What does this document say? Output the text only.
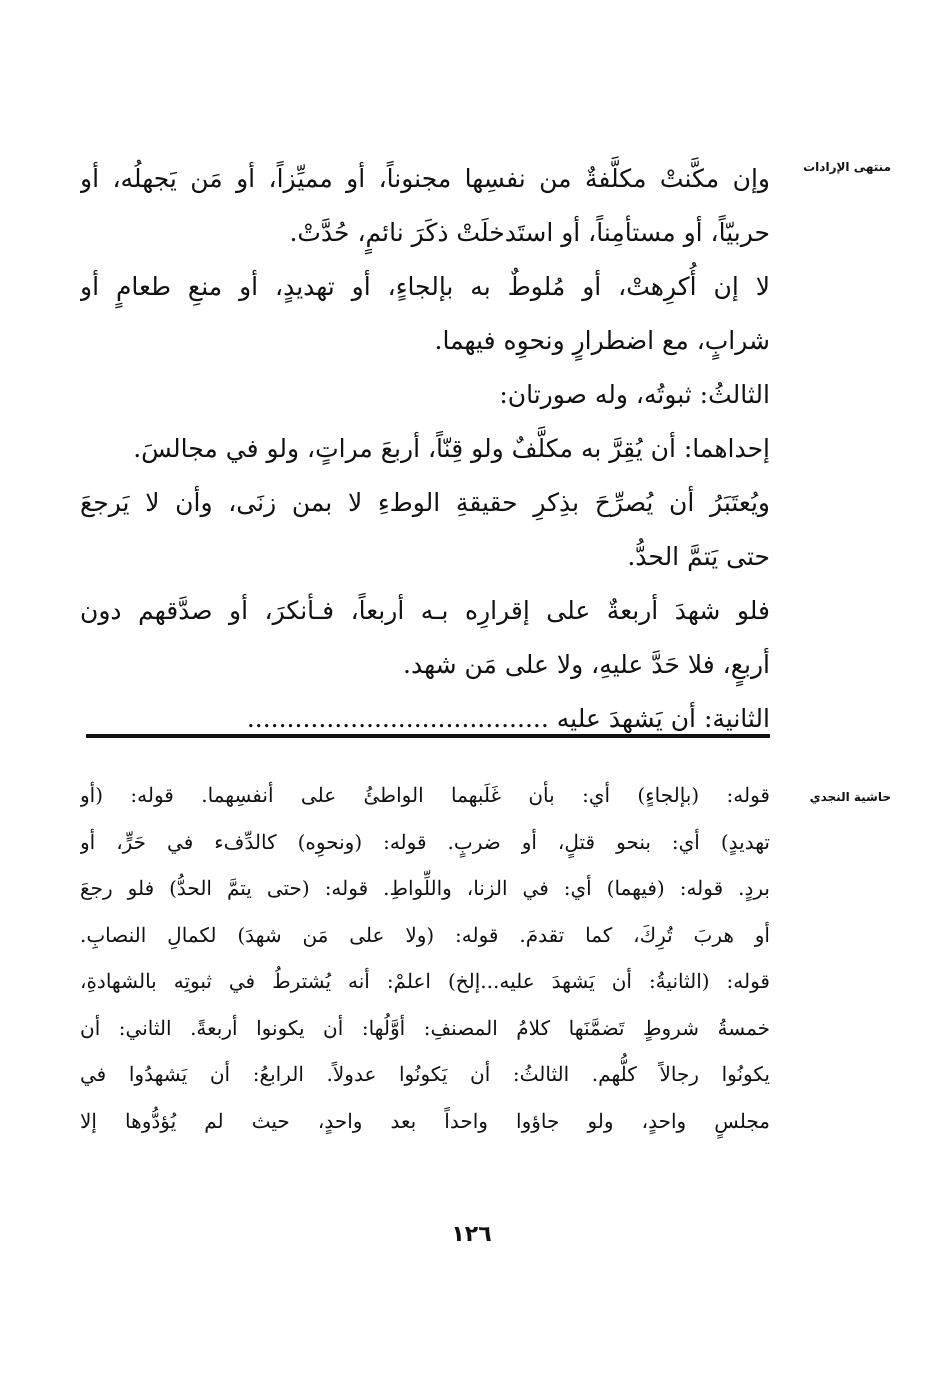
منتهى الإرادات
حاشية النجدي
وإن مكَّنتْ مكلَّفةٌ من نفسِها مجنوناً، أو مميِّزاً، أو مَن يَجهلُه، أو
حربيّاً، أو مستأمِناً، أو استَدخلَتْ ذكَرَ نائمٍ، حُدَّتْ.
لا إن أُكرِهتْ، أو مُلوطٌ به بإلجاءٍ، أو تهديدٍ، أو منعِ طعامٍ أو
شرابٍ، مع اضطرارٍ ونحوِه فيهما.
الثالثُ: ثبوتُه، وله صورتان:
إحداهما: أن يُقِرَّ به مكلَّفٌ ولو قِنّاً، أربعَ مراتٍ، ولو في مجالسَ.
ويُعتَبَرُ أن يُصرِّحَ بذِكرِ حقيقةِ الوطءِ لا بمن زنَى، وأن لا يَرجعَ
حتى يَتمَّ الحدُّ.
فلو شهدَ أربعةٌ على إقرارِه بـه أربعاً، فـأنكرَ، أو صدَّقهم دون
أربعٍ، فلا حَدَّ عليهِ، ولا على مَن شهد.
الثانية: أن يَشهدَ عليه ......................................
قوله: (بإلجاءٍ) أي: بأن غَلَبهما الواطئُ على أنفسِهما. قوله: (أو
تهديدٍ) أي: بنحو قتلٍ، أو ضربٍ. قوله: (ونحوِه) كالدِّفء في حَرٍّ، أو
بردٍ. قوله: (فيهما) أي: في الزنا، واللِّواطِ. قوله: (حتى يتمَّ الحدُّ) فلو رجعَ
أو هربَ تُرِكَ، كما تقدمَ. قوله: (ولا على مَن شهدَ) لكمالِ النصابِ.
قوله: (الثانيةُ: أن يَشهدَ عليه...إلخ) اعلمْ: أنه يُشترطُ في ثبوتِه بالشهادةِ،
خمسةُ شروطٍ تَضمَّنَها كلامُ المصنفِ: أوَّلُها: أن يكونوا أربعةً. الثاني: أن
يكونُوا رجالاً كلُّهم. الثالثُ: أن يَكونُوا عدولاً. الرابعُ: أن يَشهدُوا في
مجلسٍ واحدٍ، ولو جاؤوا واحداً بعد واحدٍ، حيث لم يُؤدُّوها إلا
١٢٦
